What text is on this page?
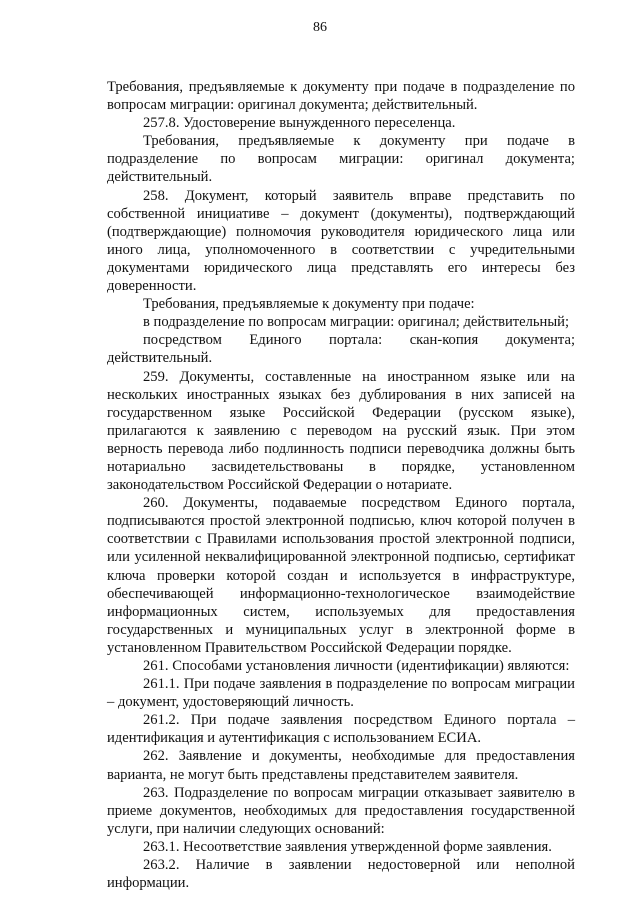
86

Требования, предъявляемые к документу при подаче в подразделение по вопросам миграции: оригинал документа; действительный.

257.8. Удостоверение вынужденного переселенца.

Требования, предъявляемые к документу при подаче в подразделение по вопросам миграции: оригинал документа; действительный.

258. Документ, который заявитель вправе представить по собственной инициативе – документ (документы), подтверждающий (подтверждающие) полномочия руководителя юридического лица или иного лица, уполномоченного в соответствии с учредительными документами юридического лица представлять его интересы без доверенности.

Требования, предъявляемые к документу при подаче:

в подразделение по вопросам миграции: оригинал; действительный;

посредством Единого портала: скан-копия документа; действительный.

259. Документы, составленные на иностранном языке или на нескольких иностранных языках без дублирования в них записей на государственном языке Российской Федерации (русском языке), прилагаются к заявлению с переводом на русский язык. При этом верность перевода либо подлинность подписи переводчика должны быть нотариально засвидетельствованы в порядке, установленном законодательством Российской Федерации о нотариате.

260. Документы, подаваемые посредством Единого портала, подписываются простой электронной подписью, ключ которой получен в соответствии с Правилами использования простой электронной подписи, или усиленной неквалифицированной электронной подписью, сертификат ключа проверки которой создан и используется в инфраструктуре, обеспечивающей информационно-технологическое взаимодействие информационных систем, используемых для предоставления государственных и муниципальных услуг в электронной форме в установленном Правительством Российской Федерации порядке.

261. Способами установления личности (идентификации) являются:

261.1. При подаче заявления в подразделение по вопросам миграции – документ, удостоверяющий личность.

261.2. При подаче заявления посредством Единого портала – идентификация и аутентификация с использованием ЕСИА.

262. Заявление и документы, необходимые для предоставления варианта, не могут быть представлены представителем заявителя.

263. Подразделение по вопросам миграции отказывает заявителю в приеме документов, необходимых для предоставления государственной услуги, при наличии следующих оснований:

263.1. Несоответствие заявления утвержденной форме заявления.

263.2. Наличие в заявлении недостоверной или неполной информации.
